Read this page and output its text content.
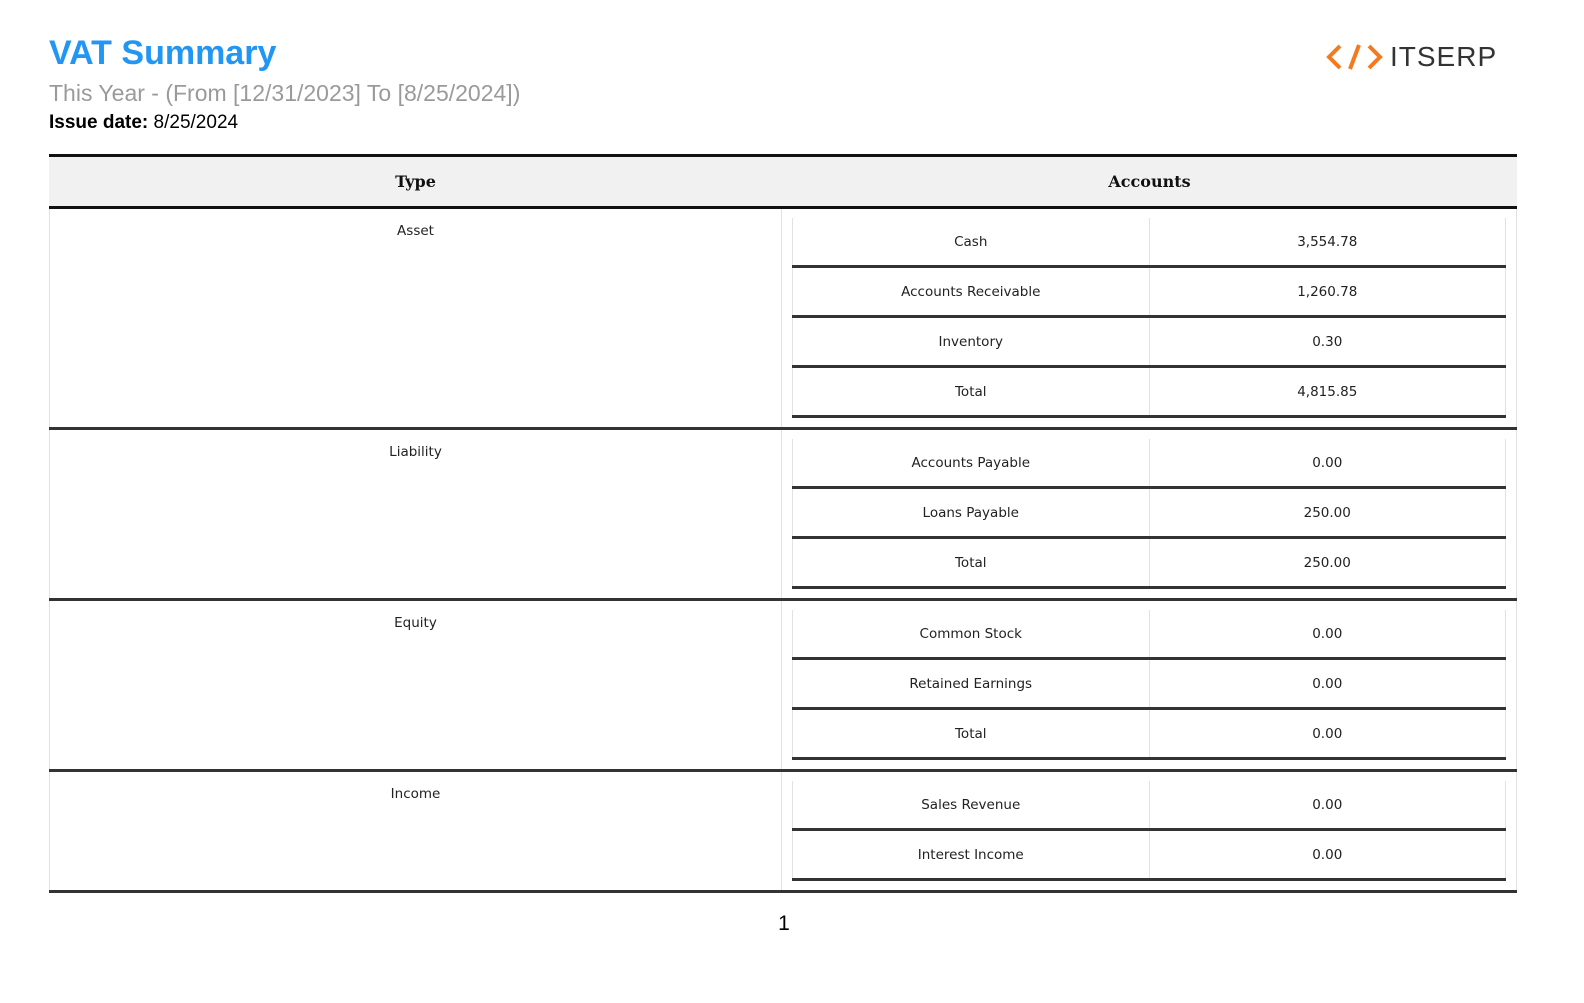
VAT Summary
This Year - (From [12/31/2023] To [8/25/2024])
Issue date: 8/25/2024
ITSERP
Type	Accounts
Asset
Cash	3,554.78
Accounts Receivable	1,260.78
Inventory	0.30
Total	4,815.85
Liability
Accounts Payable	0.00
Loans Payable	250.00
Total	250.00
Equity
Common Stock	0.00
Retained Earnings	0.00
Total	0.00
Income
Sales Revenue	0.00
Interest Income	0.00
1
